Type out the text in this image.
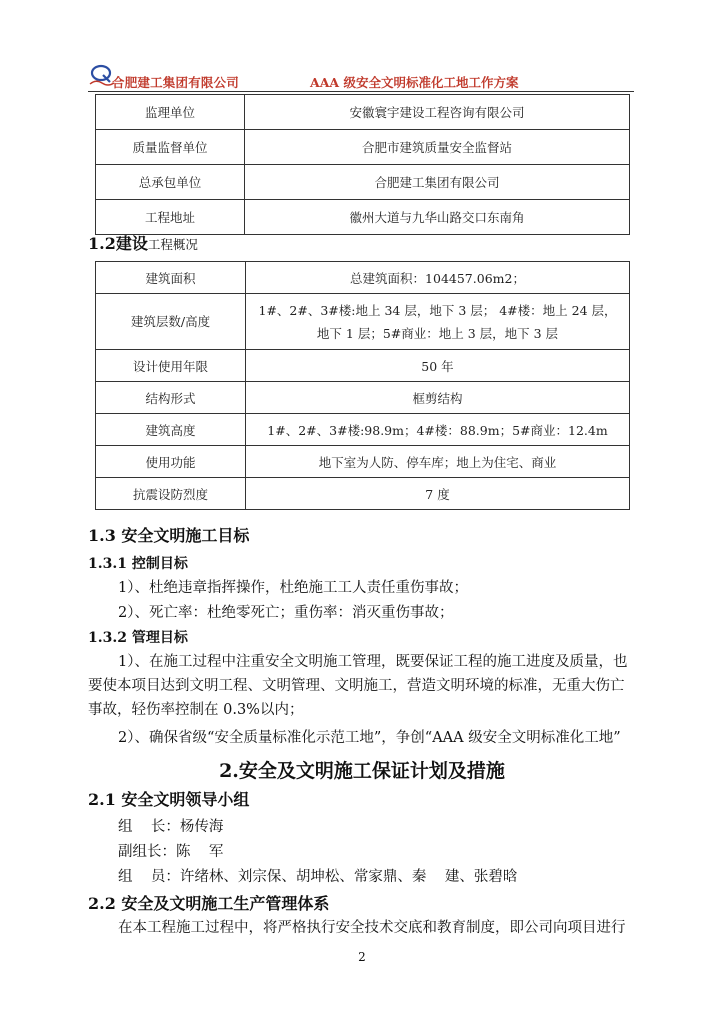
合肥建工集团有限公司	AAA 级安全文明标准化工地工作方案
监理单位	安徽寰宇建设工程咨询有限公司
质量监督单位	合肥市建筑质量安全监督站
总承包单位	合肥建工集团有限公司
工程地址	徽州大道与九华山路交口东南角
1.2建设工程概况
建筑面积	总建筑面积：104457.06m2；
建筑层数/高度	1#、2#、3#楼:地上 34 层，地下 3 层； 4#楼：地上 24 层，地下 1 层；5#商业：地上 3 层，地下 3 层
设计使用年限	50 年
结构形式	框剪结构
建筑高度	1#、2#、3#楼:98.9m；4#楼：88.9m；5#商业：12.4m
使用功能	地下室为人防、停车库；地上为住宅、商业
抗震设防烈度	7 度
1.3 安全文明施工目标
1.3.1 控制目标
1）、杜绝违章指挥操作，杜绝施工工人责任重伤事故；
2）、死亡率：杜绝零死亡；重伤率：消灭重伤事故；
1.3.2 管理目标
1）、在施工过程中注重安全文明施工管理，既要保证工程的施工进度及质量，也要使本项目达到文明工程、文明管理、文明施工，营造文明环境的标准，无重大伤亡事故，轻伤率控制在 0.3%以内；
2）、确保省级“安全质量标准化示范工地”，争创“AAA 级安全文明标准化工地”
2.安全及文明施工保证计划及措施
2.1 安全文明领导小组
组    长：杨传海
副组长：陈    军
组    员：许绪林、刘宗保、胡坤松、常家鼎、秦    建、张碧晗
2.2 安全及文明施工生产管理体系
在本工程施工过程中，将严格执行安全技术交底和教育制度，即公司向项目进行
2
